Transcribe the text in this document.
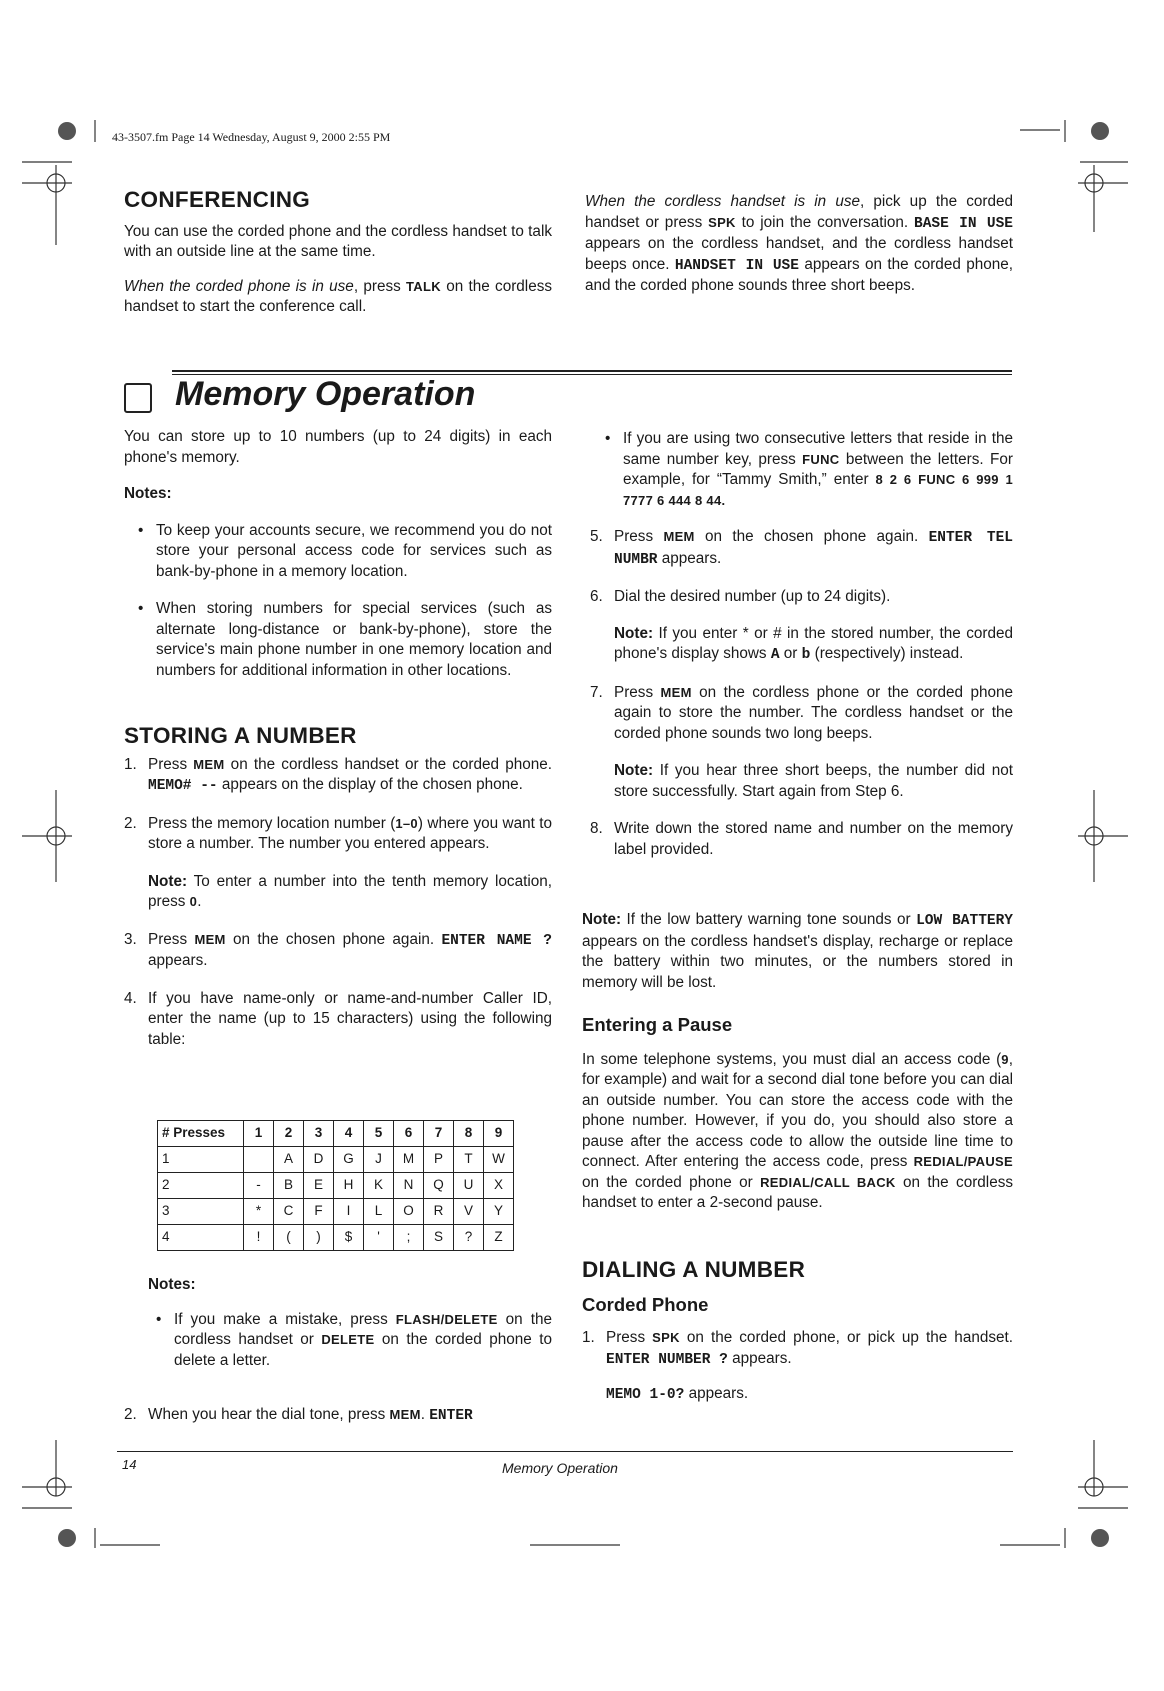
43-3507.fm Page 14 Wednesday, August 9, 2000 2:55 PM
CONFERENCING

You can use the corded phone and the cordless handset to talk with an outside line at the same time.

When the corded phone is in use, press TALK on the cordless handset to start the conference call.

When the cordless handset is in use, pick up the corded handset or press SPK to join the conversation. BASE IN USE appears on the cordless handset, and the cordless handset beeps once. HANDSET IN USE appears on the corded phone, and the corded phone sounds three short beeps.
Memory Operation

You can store up to 10 numbers (up to 24 digits) in each phone's memory.

Notes:
• To keep your accounts secure, we recommend you do not store your personal access code for services such as bank-by-phone in a memory location.
• When storing numbers for special services (such as alternate long-distance or bank-by-phone), store the service's main phone number in one memory location and numbers for additional information in other locations.
STORING A NUMBER
1. Press MEM on the cordless handset or the corded phone. MEMO# -- appears on the display of the chosen phone.
2. Press the memory location number (1–0) where you want to store a number. The number you entered appears.
Note: To enter a number into the tenth memory location, press 0.
3. Press MEM on the chosen phone again. ENTER NAME ? appears.
4. If you have name-only or name-and-number Caller ID, enter the name (up to 15 characters) using the following table:
# Presses	1	2	3	4	5	6	7	8	9
1		A	D	G	J	M	P	T	W
2	-	B	E	H	K	N	Q	U	X
3	*	C	F	I	L	O	R	V	Y
4	!	(	)	$	'	;	S	?	Z
Notes:
• If you make a mistake, press FLASH/DELETE on the cordless handset or DELETE on the corded phone to delete a letter.
2. When you hear the dial tone, press MEM. ENTER
• If you are using two consecutive letters that reside in the same number key, press FUNC between the letters. For example, for “Tammy Smith,” enter 8 2 6 FUNC 6 999 1 7777 6 444 8 44.
5. Press MEM on the chosen phone again. ENTER TEL NUMBR appears.
6. Dial the desired number (up to 24 digits).
Note: If you enter * or # in the stored number, the corded phone's display shows A or b (respectively) instead.
7. Press MEM on the cordless phone or the corded phone again to store the number. The cordless handset or the corded phone sounds two long beeps.
Note: If you hear three short beeps, the number did not store successfully. Start again from Step 6.
8. Write down the stored name and number on the memory label provided.
Note: If the low battery warning tone sounds or LOW BATTERY appears on the cordless handset's display, recharge or replace the battery within two minutes, or the numbers stored in memory will be lost.
Entering a Pause

In some telephone systems, you must dial an access code (9, for example) and wait for a second dial tone before you can dial an outside number. You can store the access code with the phone number. However, if you do, you should also store a pause after the access code to allow the outside line time to connect. After entering the access code, press REDIAL/PAUSE on the corded phone or REDIAL/CALL BACK on the cordless handset to enter a 2-second pause.

DIALING A NUMBER
Corded Phone
1. Press SPK on the corded phone, or pick up the handset. ENTER NUMBER ? appears.
MEMO 1-0? appears.
14	Memory Operation
